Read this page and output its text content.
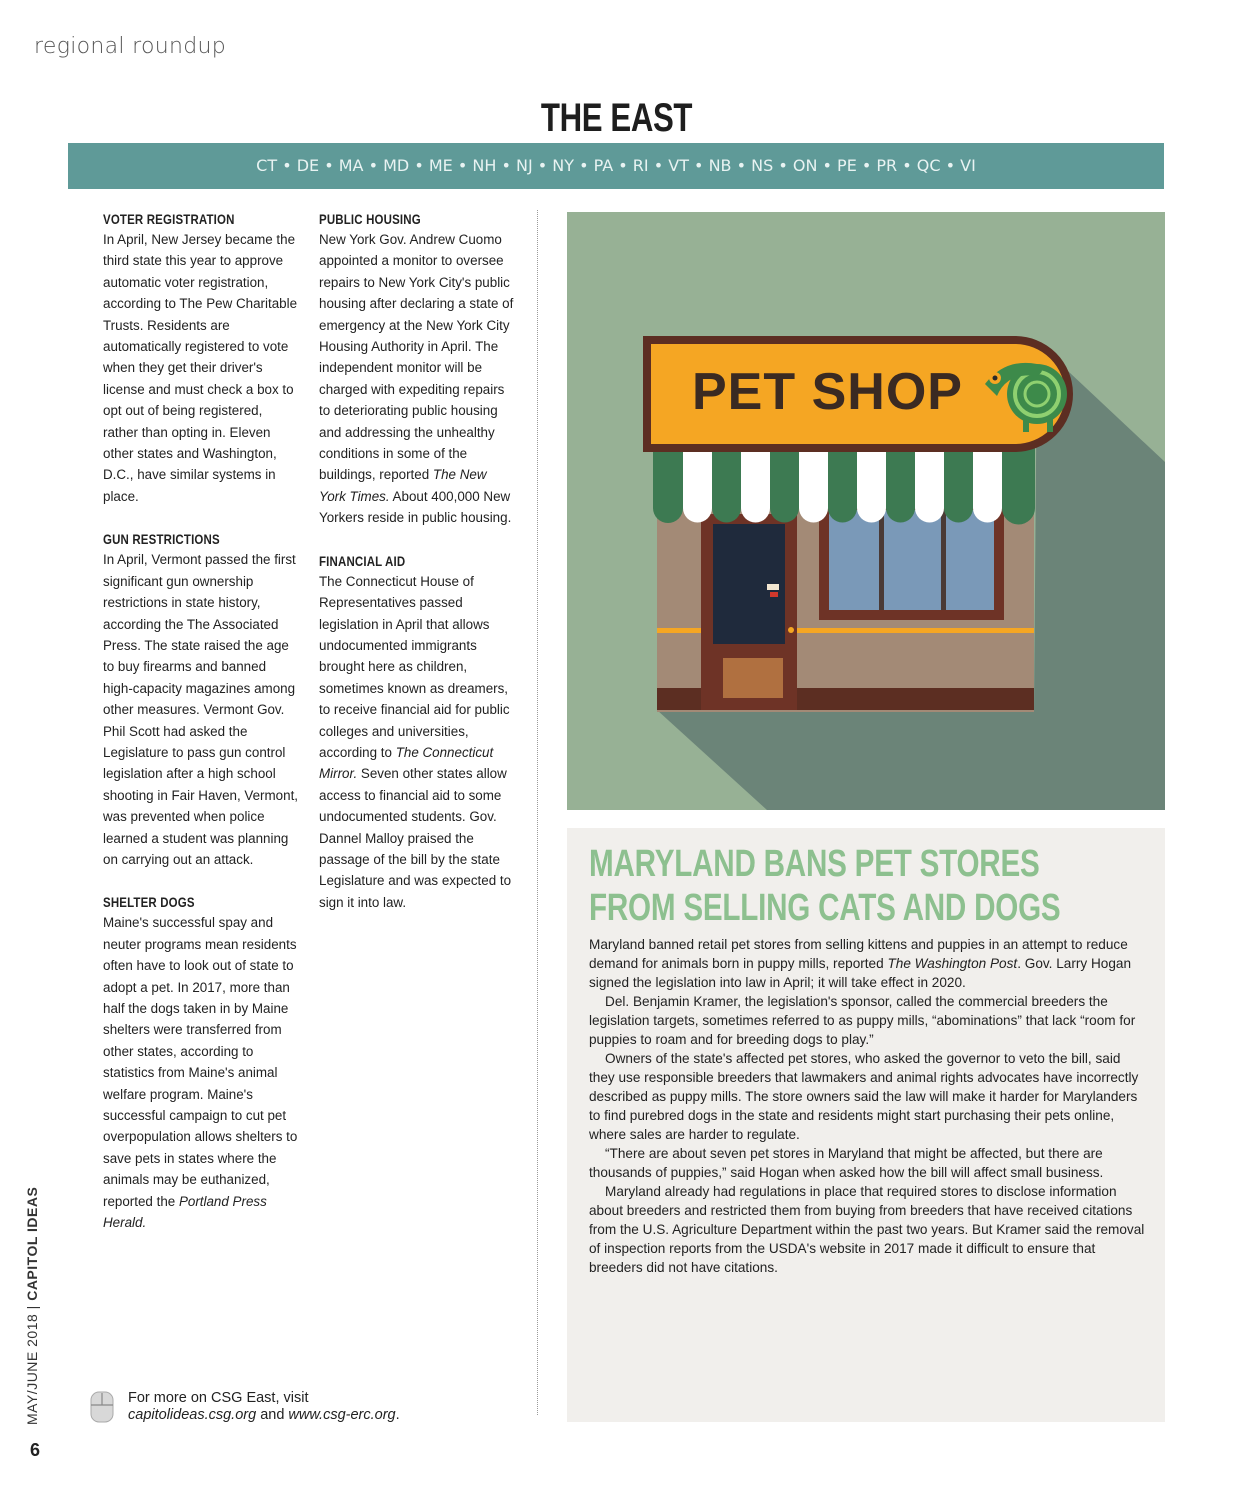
regional roundup
THE EAST
CT • DE • MA • MD • ME • NH • NJ • NY • PA • RI • VT • NB • NS • ON • PE • PR • QC • VI
VOTER REGISTRATION

In April, New Jersey became the third state this year to approve automatic voter registration, according to The Pew Charitable Trusts. Residents are automatically registered to vote when they get their driver's license and must check a box to opt out of being registered, rather than opting in. Eleven other states and Washington, D.C., have similar systems in place.

GUN RESTRICTIONS

In April, Vermont passed the first significant gun ownership restrictions in state history, according the The Associated Press. The state raised the age to buy firearms and banned high-capacity magazines among other measures. Vermont Gov. Phil Scott had asked the Legislature to pass gun control legislation after a high school shooting in Fair Haven, Vermont, was prevented when police learned a student was planning on carrying out an attack.

SHELTER DOGS

Maine's successful spay and neuter programs mean residents often have to look out of state to adopt a pet. In 2017, more than half the dogs taken in by Maine shelters were transferred from other states, according to statistics from Maine's animal welfare program. Maine's successful campaign to cut pet overpopulation allows shelters to save pets in states where the animals may be euthanized, reported the Portland Press Herald.

PUBLIC HOUSING

New York Gov. Andrew Cuomo appointed a monitor to oversee repairs to New York City's public housing after declaring a state of emergency at the New York City Housing Authority in April. The independent monitor will be charged with expediting repairs to deteriorating public housing and addressing the unhealthy conditions in some of the buildings, reported The New York Times. About 400,000 New Yorkers reside in public housing.

FINANCIAL AID

The Connecticut House of Representatives passed legislation in April that allows undocumented immigrants brought here as children, sometimes known as dreamers, to receive financial aid for public colleges and universities, according to The Connecticut Mirror. Seven other states allow access to financial aid to some undocumented students. Gov. Dannel Malloy praised the passage of the bill by the state Legislature and was expected to sign it into law.

PET SHOP
MARYLAND BANS PET STORES FROM SELLING CATS AND DOGS

Maryland banned retail pet stores from selling kittens and puppies in an attempt to reduce demand for animals born in puppy mills, reported The Washington Post. Gov. Larry Hogan signed the legislation into law in April; it will take effect in 2020.

Del. Benjamin Kramer, the legislation's sponsor, called the commercial breeders the legislation targets, sometimes referred to as puppy mills, “abominations” that lack “room for puppies to roam and for breeding dogs to play.”

Owners of the state's affected pet stores, who asked the governor to veto the bill, said they use responsible breeders that lawmakers and animal rights advocates have incorrectly described as puppy mills. The store owners said the law will make it harder for Marylanders to find purebred dogs in the state and residents might start purchasing their pets online, where sales are harder to regulate.

“There are about seven pet stores in Maryland that might be affected, but there are thousands of puppies,” said Hogan when asked how the bill will affect small business.

Maryland already had regulations in place that required stores to disclose information about breeders and restricted them from buying from breeders that have received citations from the U.S. Agriculture Department within the past two years. But Kramer said the removal of inspection reports from the USDA's website in 2017 made it difficult to ensure that breeders did not have citations.

For more on CSG East, visit
capitolideas.csg.org and www.csg-erc.org.
MAY/JUNE 2018 | CAPITOL IDEAS
6
